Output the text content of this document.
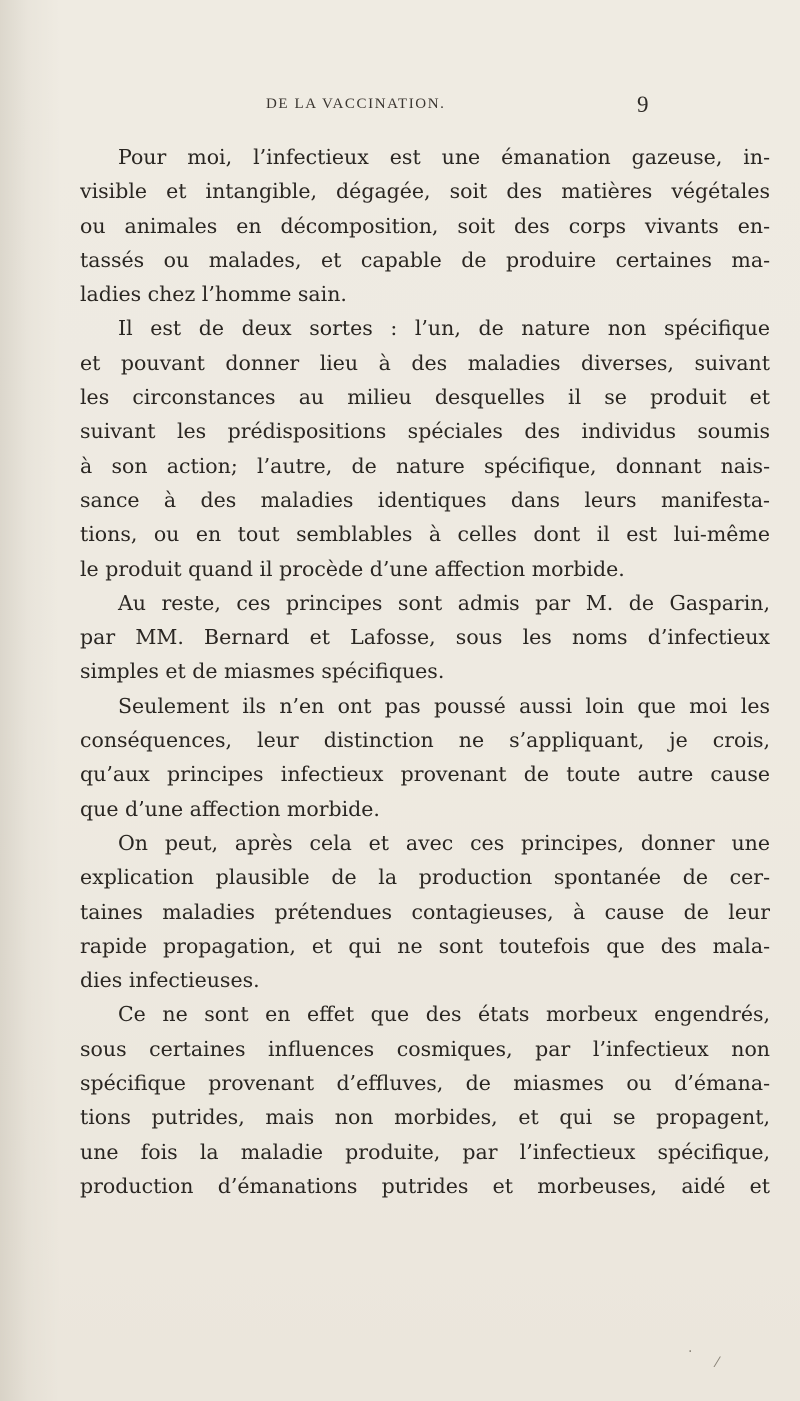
DE LA VACCINATION.	9
Pour moi, l’infectieux est une émanation gazeuse, in-
visible et intangible, dégagée, soit des matières végétales
ou animales en décomposition, soit des corps vivants en-
tassés ou malades, et capable de produire certaines ma-
ladies chez l’homme sain.
Il est de deux sortes : l’un, de nature non spécifique
et pouvant donner lieu à des maladies diverses, suivant
les circonstances au milieu desquelles il se produit et
suivant les prédispositions spéciales des individus soumis
à son action; l’autre, de nature spécifique, donnant nais-
sance à des maladies identiques dans leurs manifesta-
tions, ou en tout semblables à celles dont il est lui-même
le produit quand il procède d’une affection morbide.
Au reste, ces principes sont admis par M. de Gasparin,
par MM. Bernard et Lafosse, sous les noms d’infectieux
simples et de miasmes spécifiques.
Seulement ils n’en ont pas poussé aussi loin que moi les
conséquences, leur distinction ne s’appliquant, je crois,
qu’aux principes infectieux provenant de toute autre cause
que d’une affection morbide.
On peut, après cela et avec ces principes, donner une
explication plausible de la production spontanée de cer-
taines maladies prétendues contagieuses, à cause de leur
rapide propagation, et qui ne sont toutefois que des mala-
dies infectieuses.
Ce ne sont en effet que des états morbeux engendrés,
sous certaines influences cosmiques, par l’infectieux non
spécifique provenant d’effluves, de miasmes ou d’émana-
tions putrides, mais non morbides, et qui se propagent,
une fois la maladie produite, par l’infectieux spécifique,
production d’émanations putrides et morbeuses, aidé et
⁄
·
